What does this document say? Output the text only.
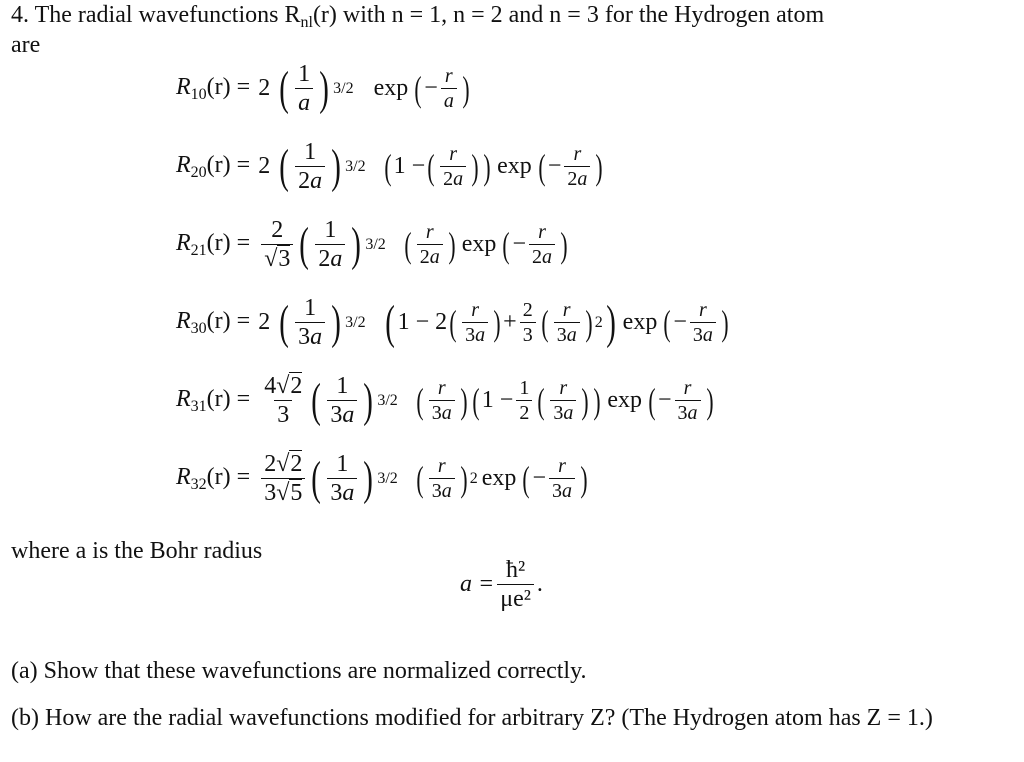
4. The radial wavefunctions $R_{nl}(r)$ with n = 1, n = 2 and n = 3 for the Hydrogen atom
are
$R_{10}(r) = 2$ ( $\frac{1}{a}$ ) 3/2 exp ( − $\frac{r}{a}$ )
$R_{20}(r) = 2$ ( $\frac{1}{2a}$ ) 3/2 ( 1 − ( $\frac{r}{2a}$ ) ) exp ( − $\frac{r}{2a}$ )
$R_{21}(r) = \frac{2}{√3}$ ( $\frac{1}{2a}$ ) 3/2 ( $\frac{r}{2a}$ ) exp ( − $\frac{r}{2a}$ )
$R_{30}(r) = 2$ ( $\frac{1}{3a}$ ) 3/2 ( 1 − 2 ( $\frac{r}{3a}$ ) + $\frac{2}{3}$ ( $\frac{r}{3a}$ ) 2 ) exp ( − $\frac{r}{3a}$ )
$R_{31}(r) = \frac{4√2}{3}$ ( $\frac{1}{3a}$ ) 3/2 ( $\frac{r}{3a}$ ) ( $1 - \frac{1}{2}$ ( $\frac{r}{3a}$ ) ) exp ( − $\frac{r}{3a}$ )
$R_{32}(r) = \frac{2√2}{3√5}$ ( $\frac{1}{3a}$ ) 3/2 ( $\frac{r}{3a}$ ) 2 exp ( − $\frac{r}{3a}$ )
where a is the Bohr radius
$a = \frac{\text{ħ²}}{\text{μe²}}$ .
(a) Show that these wavefunctions are normalized correctly.
(b) How are the radial wavefunctions modified for arbitrary Z? (The Hydrogen atom has Z = 1.)
